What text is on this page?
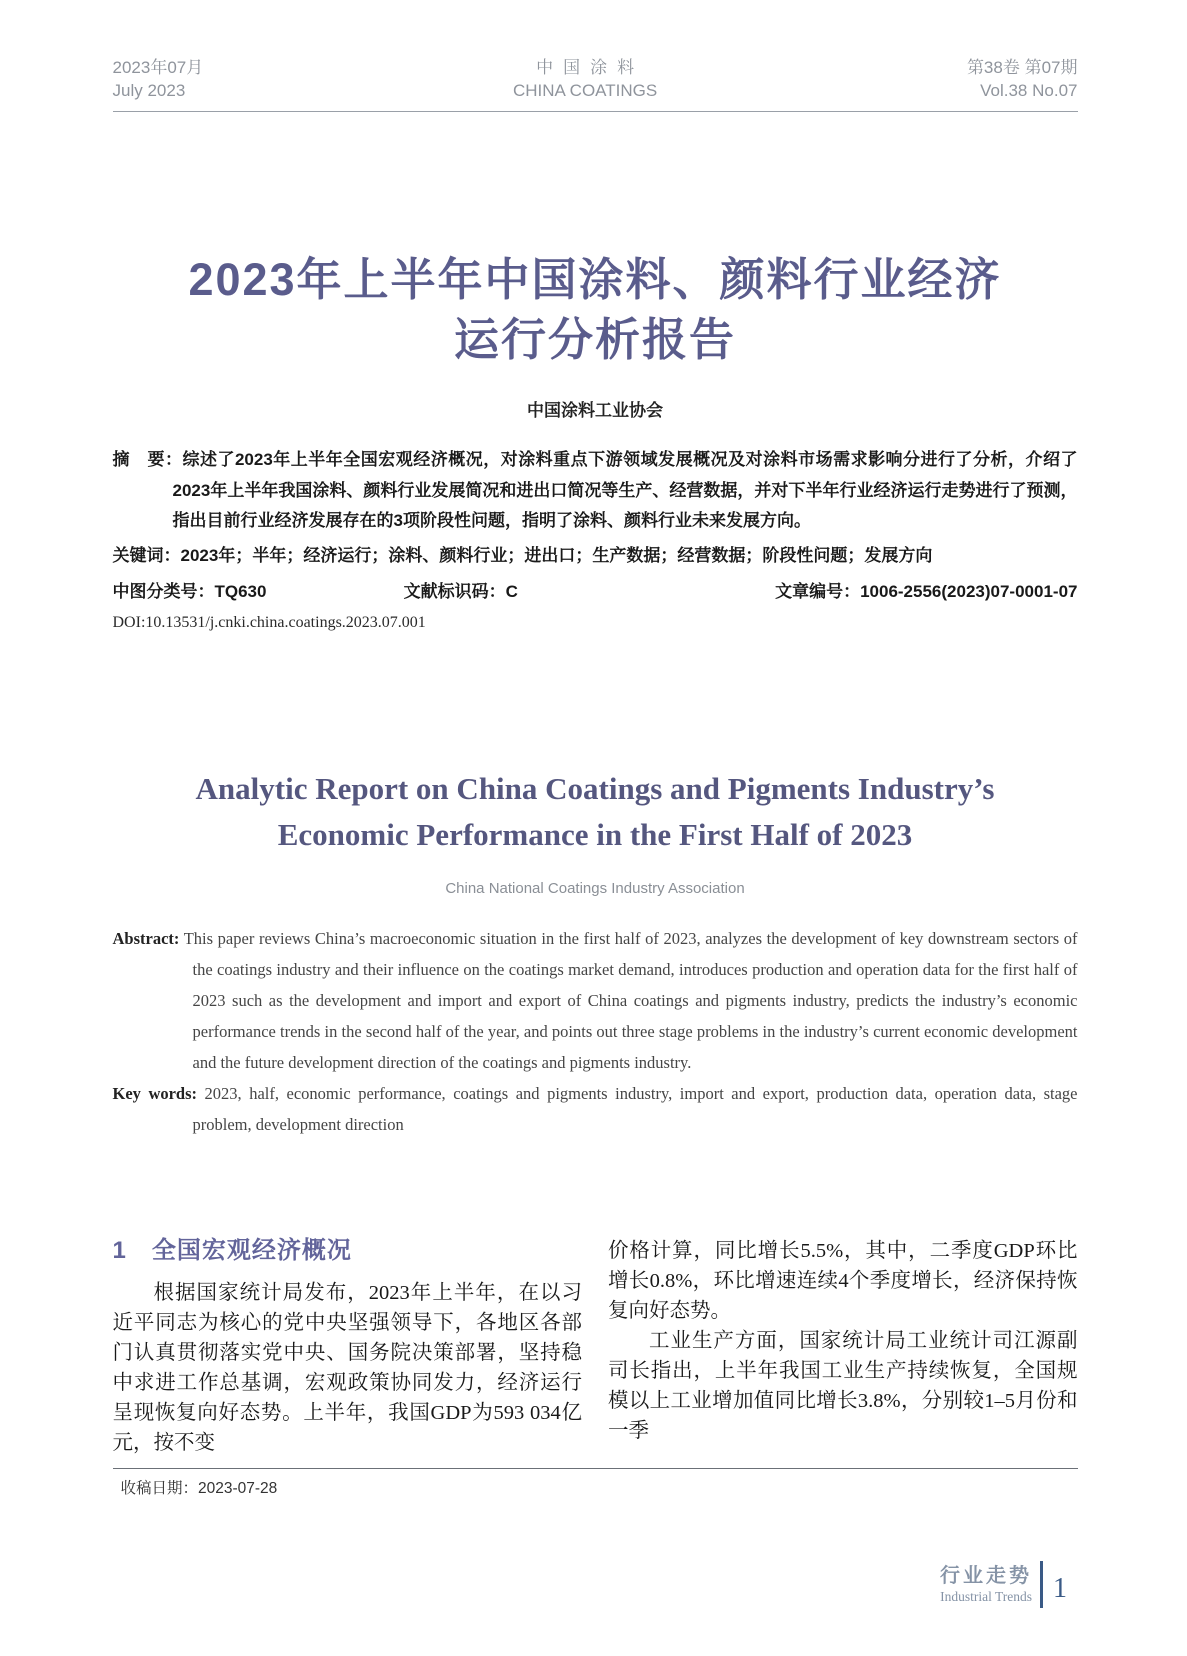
2023年07月
July 2023
中国涂料
CHINA COATINGS
第38卷 第07期
Vol.38 No.07
2023年上半年中国涂料、颜料行业经济
运行分析报告
中国涂料工业协会

摘　要：综述了2023年上半年全国宏观经济概况，对涂料重点下游领域发展概况及对涂料市场需求影响分进行了分析，介绍了2023年上半年我国涂料、颜料行业发展简况和进出口简况等生产、经营数据，并对下半年行业经济运行走势进行了预测，指出目前行业经济发展存在的3项阶段性问题，指明了涂料、颜料行业未来发展方向。

关键词：2023年；半年；经济运行；涂料、颜料行业；进出口；生产数据；经营数据；阶段性问题；发展方向

中图分类号：TQ630	文献标识码：C	文章编号：1006-2556(2023)07-0001-07
DOI:10.13531/j.cnki.china.coatings.2023.07.001
Analytic Report on China Coatings and Pigments Industry’s
Economic Performance in the First Half of 2023
China National Coatings Industry Association

Abstract: This paper reviews China’s macroeconomic situation in the first half of 2023, analyzes the development of key downstream sectors of the coatings industry and their influence on the coatings market demand, introduces production and operation data for the first half of 2023 such as the development and import and export of China coatings and pigments industry, predicts the industry’s economic performance trends in the second half of the year, and points out three stage problems in the industry’s current economic development and the future development direction of the coatings and pigments industry.

Key words: 2023, half, economic performance, coatings and pigments industry, import and export, production data, operation data, stage problem, development direction

1 全国宏观经济概况

根据国家统计局发布，2023年上半年，在以习近平同志为核心的党中央坚强领导下，各地区各部门认真贯彻落实党中央、国务院决策部署，坚持稳中求进工作总基调，宏观政策协同发力，经济运行呈现恢复向好态势。上半年，我国GDP为593 034亿元，按不变

价格计算，同比增长5.5%，其中，二季度GDP环比增长0.8%，环比增速连续4个季度增长，经济保持恢复向好态势。

工业生产方面，国家统计局工业统计司江源副司长指出，上半年我国工业生产持续恢复，全国规模以上工业增加值同比增长3.8%，分别较1–5月份和一季

收稿日期：2023-07-28
行业走势
Industrial Trends 1
